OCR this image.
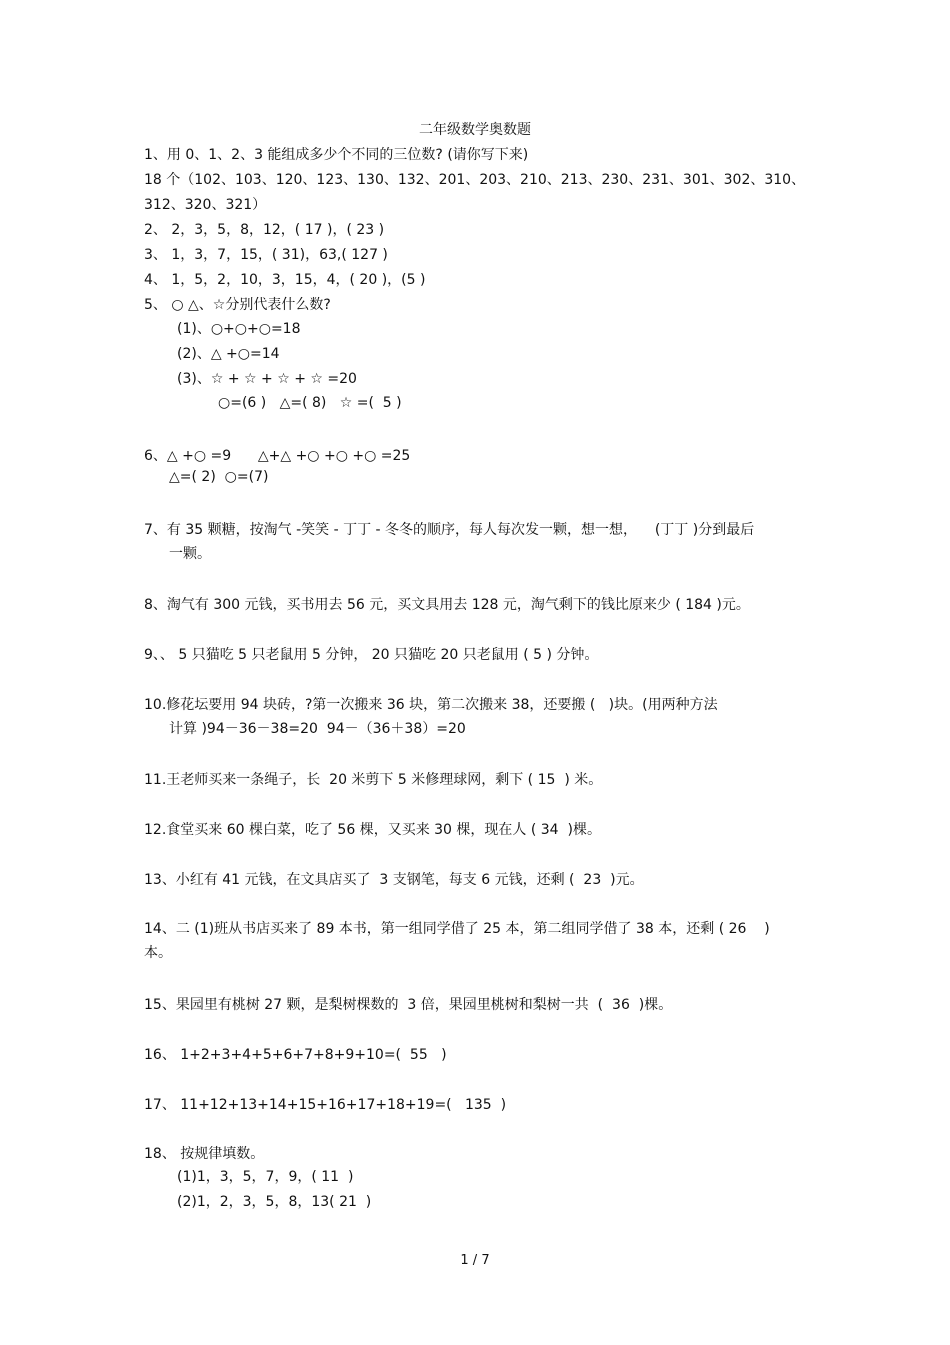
二年级数学奥数题
1、用 0、1、2、3 能组成多少个不同的三位数? (请你写下来)
18 个（102、103、120、123、130、132、201、203、210、213、230、231、301、302、310、
312、320、321）
2、 2，3，5，8，12，( 17 )，( 23 )
3、 1，3，7，15，( 31)，63,( 127 )
4、 1，5，2，10，3，15，4，( 20 )，(5 )
5、 ○ △、☆分别代表什么数?
(1)、○+○+○=18
(2)、△ +○=14
(3)、☆ + ☆ + ☆ + ☆ =20
○=(6 )   △=( 8)   ☆ =(  5 )
6、△ +○ =9      △+△ +○ +○ +○ =25
△=( 2)  ○=(7)
7、有 35 颗糖，按淘气 -笑笑 - 丁丁 - 冬冬的顺序，每人每次发一颗，想一想，    (丁丁 )分到最后
一颗。
8、淘气有 300 元钱，买书用去 56 元，买文具用去 128 元，淘气剩下的钱比原来少 ( 184 )元。
9、、 5 只猫吃 5 只老鼠用 5 分钟， 20 只猫吃 20 只老鼠用 ( 5 ) 分钟。
10.修花坛要用 94 块砖，?第一次搬来 36 块，第二次搬来 38，还要搬 (   )块。(用两种方法
计算 )94－36－38=20  94－（36＋38）=20
11.王老师买来一条绳子，长  20 米剪下 5 米修理球网，剩下 ( 15  ) 米。
12.食堂买来 60 棵白菜，吃了 56 棵，又买来 30 棵，现在人 ( 34  )棵。
13、小红有 41 元钱，在文具店买了  3 支钢笔，每支 6 元钱，还剩 (  23  )元。
14、二 (1)班从书店买来了 89 本书，第一组同学借了 25 本，第二组同学借了 38 本，还剩 ( 26    )
本。
15、果园里有桃树 27 颗，是梨树棵数的  3 倍，果园里桃树和梨树一共  (  36  )棵。
16、 1+2+3+4+5+6+7+8+9+10=(  55   )
17、 11+12+13+14+15+16+17+18+19=(   135  )
18、 按规律填数。
(1)1，3，5，7，9，( 11  )
(2)1，2，3，5，8，13( 21  )
1 / 7
